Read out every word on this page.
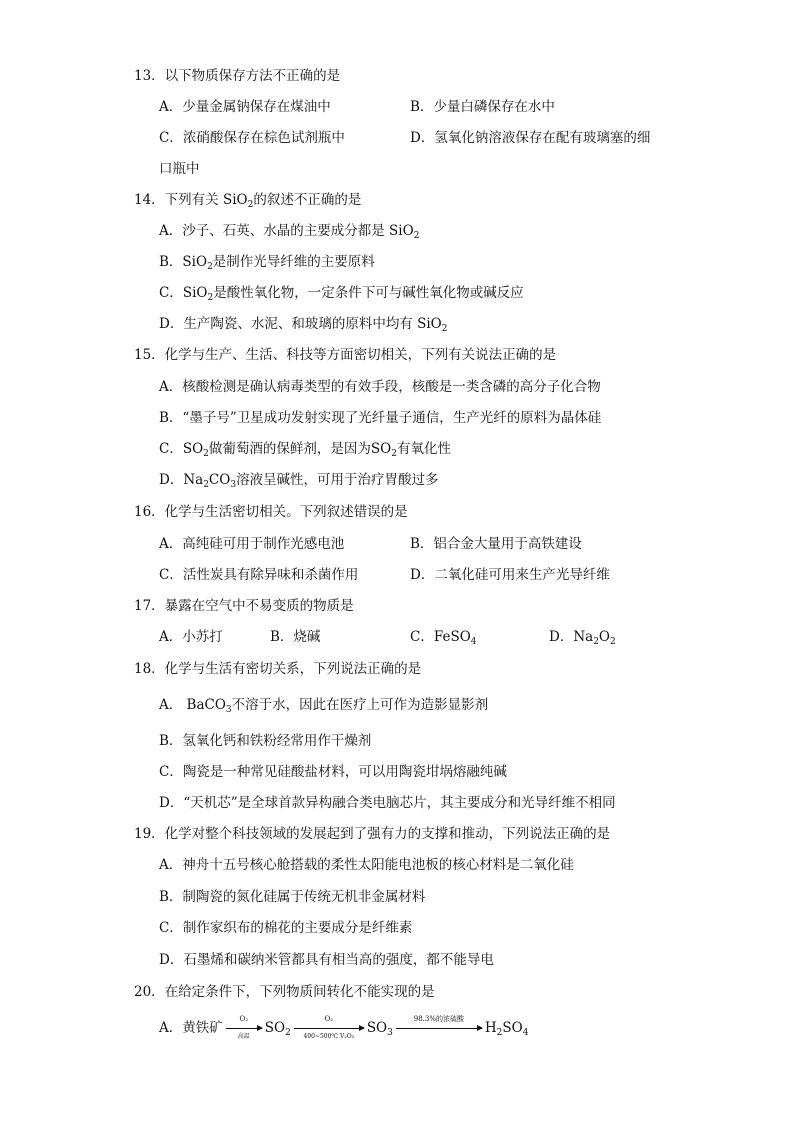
13．以下物质保存方法不正确的是
A．少量金属钠保存在煤油中	B．少量白磷保存在水中
C．浓硝酸保存在棕色试剂瓶中	D．氢氧化钠溶液保存在配有玻璃塞的细
口瓶中
14．下列有关 SiO$_2$的叙述不正确的是
A．沙子、石英、水晶的主要成分都是 SiO$_2$
B．SiO$_2$是制作光导纤维的主要原料
C．SiO$_2$是酸性氧化物，一定条件下可与碱性氧化物或碱反应
D．生产陶瓷、水泥、和玻璃的原料中均有 SiO$_2$
15．化学与生产、生活、科技等方面密切相关，下列有关说法正确的是
A．核酸检测是确认病毒类型的有效手段，核酸是一类含磷的高分子化合物
B．“墨子号”卫星成功发射实现了光纤量子通信，生产光纤的原料为晶体硅
C．$SO_2$做葡萄酒的保鲜剂，是因为$SO_2$有氧化性
D．$Na_2CO_3$溶液呈碱性，可用于治疗胃酸过多
16．化学与生活密切相关。下列叙述错误的是
A．高纯硅可用于制作光感电池	B．铝合金大量用于高铁建设
C．活性炭具有除异味和杀菌作用	D．二氧化硅可用来生产光导纤维
17．暴露在空气中不易变质的物质是
A．小苏打	B．烧碱	C．FeSO$_4$	D．$Na_2O_2$
18．化学与生活有密切关系，下列说法正确的是
A． BaCO$_3$不溶于水，因此在医疗上可作为造影显影剂
B．氢氧化钙和铁粉经常用作干燥剂
C．陶瓷是一种常见硅酸盐材料，可以用陶瓷坩埚熔融纯碱
D．“天机芯”是全球首款异构融合类电脑芯片，其主要成分和光导纤维不相同
19．化学对整个科技领域的发展起到了强有力的支撑和推动，下列说法正确的是
A．神舟十五号核心舱搭载的柔性太阳能电池板的核心材料是二氧化硅
B．制陶瓷的氮化硅属于传统无机非金属材料
C．制作家织布的棉花的主要成分是纤维素
D．石墨烯和碳纳米管都具有相当高的强度，都不能导电
20．在给定条件下，下列物质间转化不能实现的是
A．黄铁矿
O₂
高温
$SO_2 \frac{\text{O₂}}{\text{400\textasciitilde{}500℃ V₂O₅}} SO_3$
98.3%的浓硫酸
$H_2SO_4$
